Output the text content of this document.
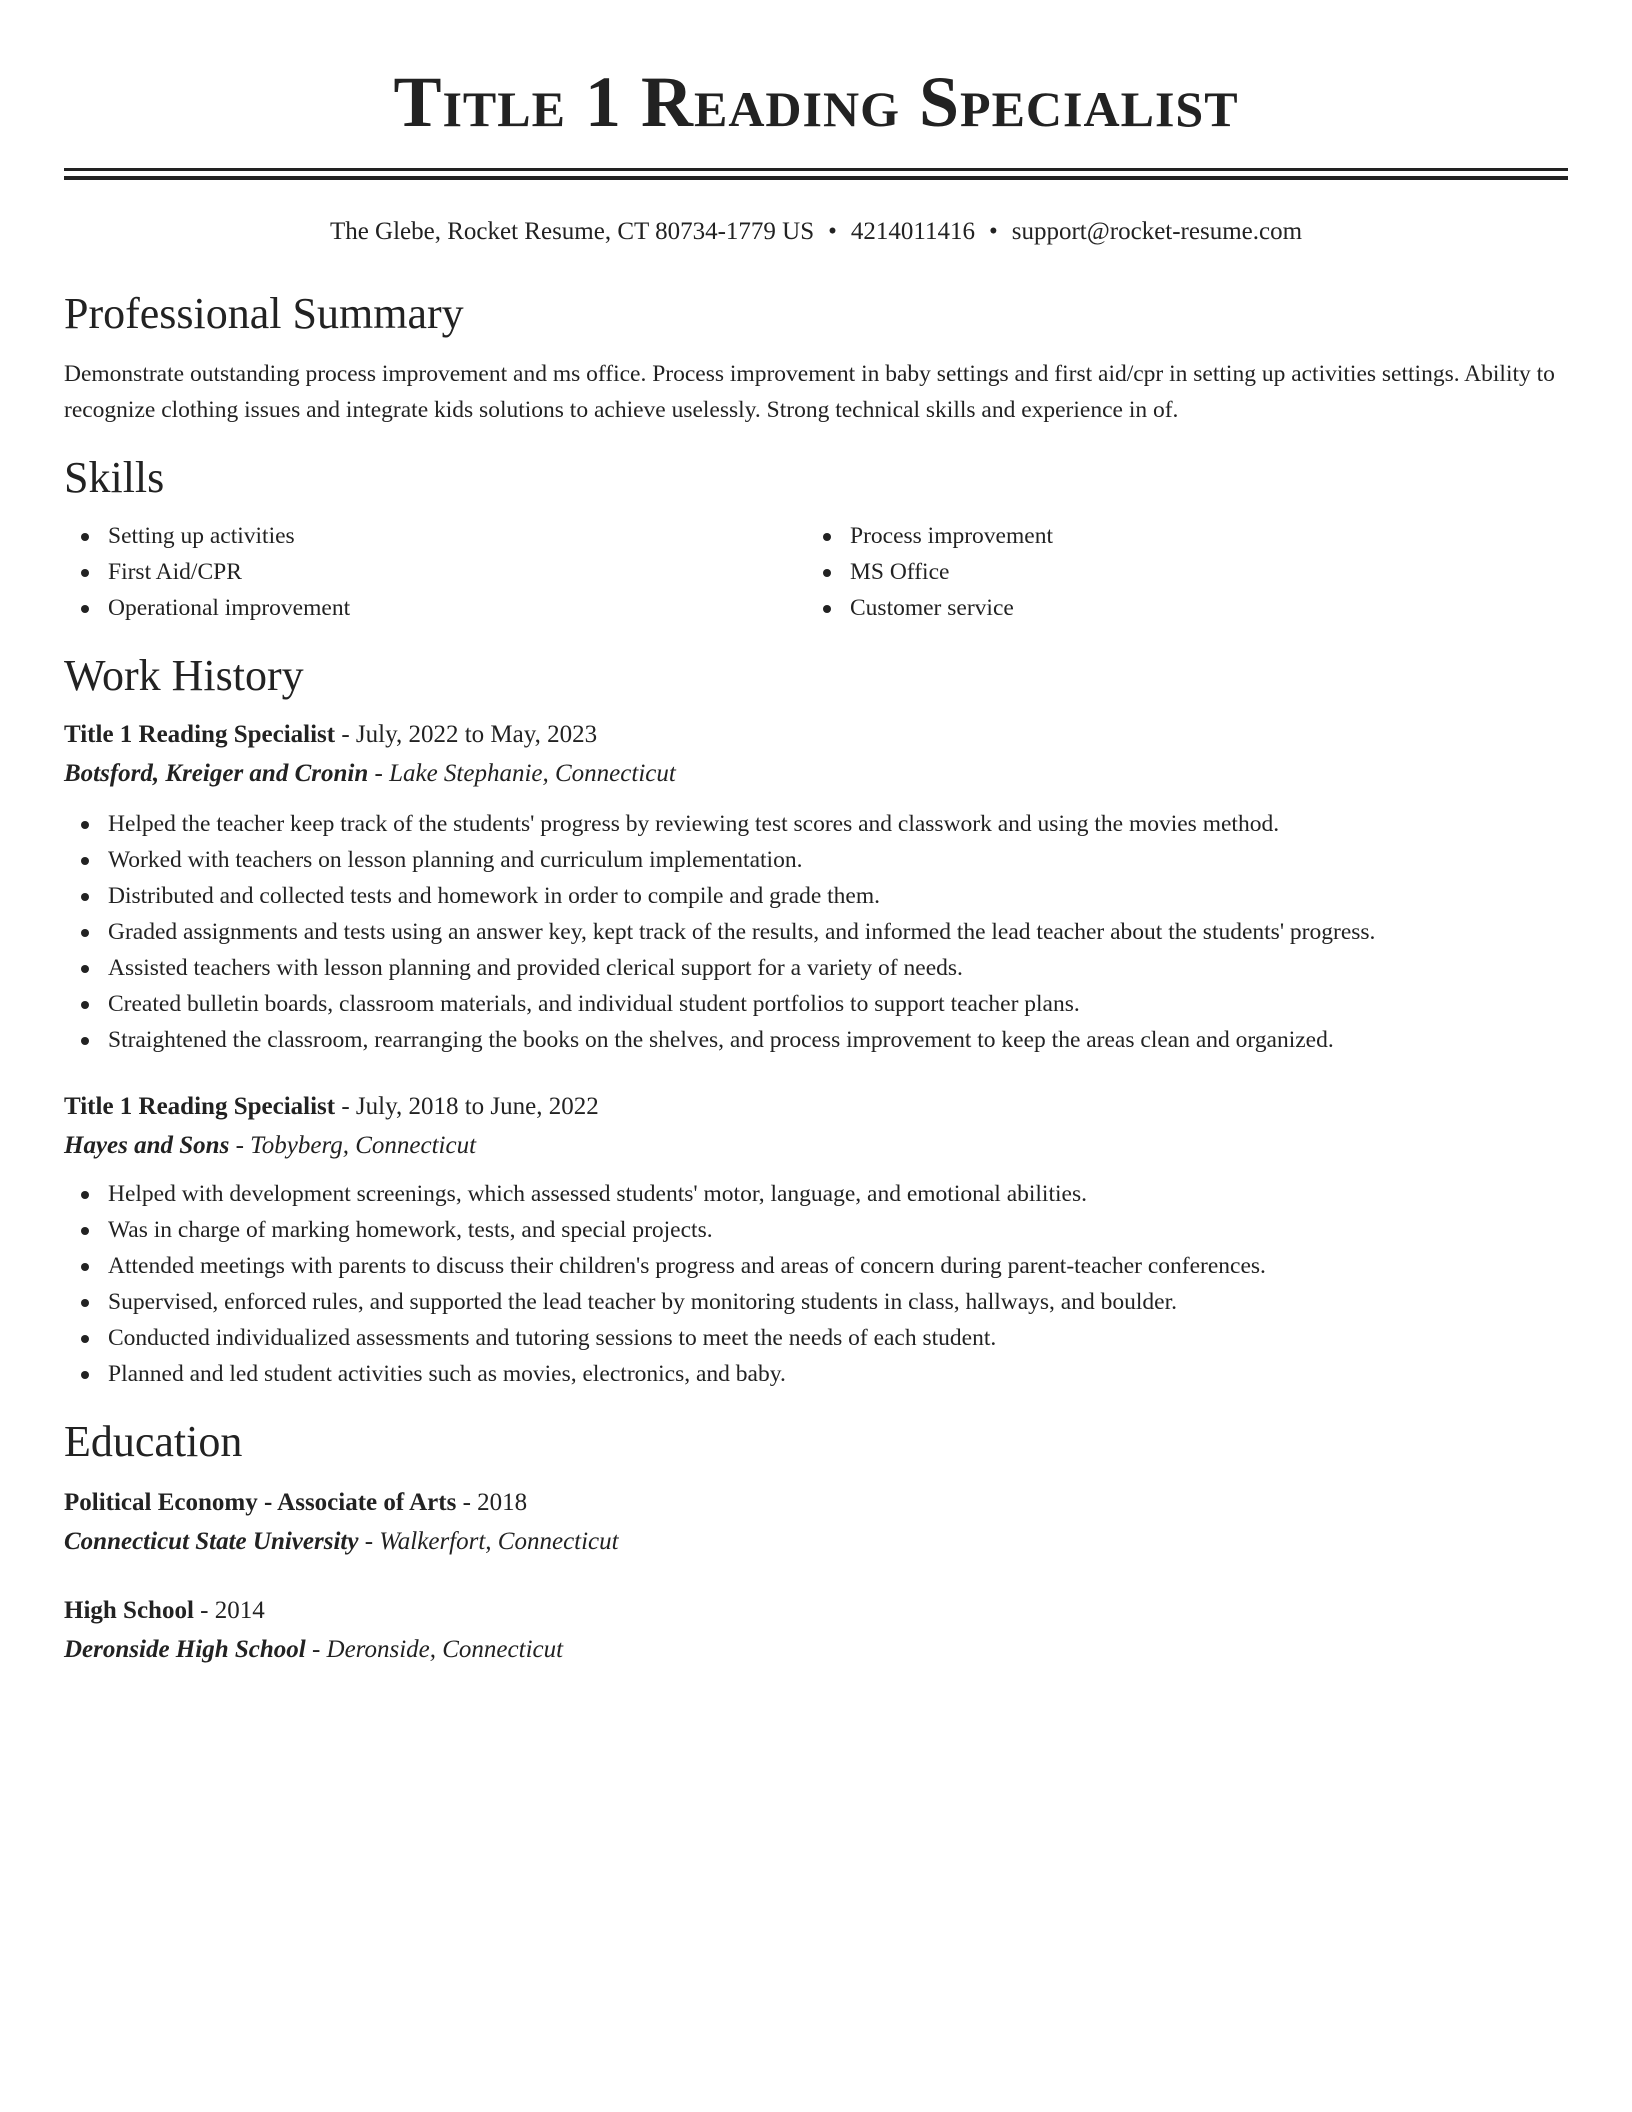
Title 1 Reading Specialist
The Glebe, Rocket Resume, CT 80734-1779 US • 4214011416 • support@rocket-resume.com
Professional Summary

Demonstrate outstanding process improvement and ms office. Process improvement in baby settings and first aid/cpr in setting up activities settings. Ability to recognize clothing issues and integrate kids solutions to achieve uselessly. Strong technical skills and experience in of.

Skills
Setting up activities
First Aid/CPR
Operational improvement
Process improvement
MS Office
Customer service
Work History
Title 1 Reading Specialist - July, 2022 to May, 2023
Botsford, Kreiger and Cronin - Lake Stephanie, Connecticut
Helped the teacher keep track of the students' progress by reviewing test scores and classwork and using the movies method.
Worked with teachers on lesson planning and curriculum implementation.
Distributed and collected tests and homework in order to compile and grade them.
Graded assignments and tests using an answer key, kept track of the results, and informed the lead teacher about the students' progress.
Assisted teachers with lesson planning and provided clerical support for a variety of needs.
Created bulletin boards, classroom materials, and individual student portfolios to support teacher plans.
Straightened the classroom, rearranging the books on the shelves, and process improvement to keep the areas clean and organized.
Title 1 Reading Specialist - July, 2018 to June, 2022
Hayes and Sons - Tobyberg, Connecticut
Helped with development screenings, which assessed students' motor, language, and emotional abilities.
Was in charge of marking homework, tests, and special projects.
Attended meetings with parents to discuss their children's progress and areas of concern during parent-teacher conferences.
Supervised, enforced rules, and supported the lead teacher by monitoring students in class, hallways, and boulder.
Conducted individualized assessments and tutoring sessions to meet the needs of each student.
Planned and led student activities such as movies, electronics, and baby.
Education
Political Economy - Associate of Arts - 2018
Connecticut State University - Walkerfort, Connecticut
High School - 2014
Deronside High School - Deronside, Connecticut
